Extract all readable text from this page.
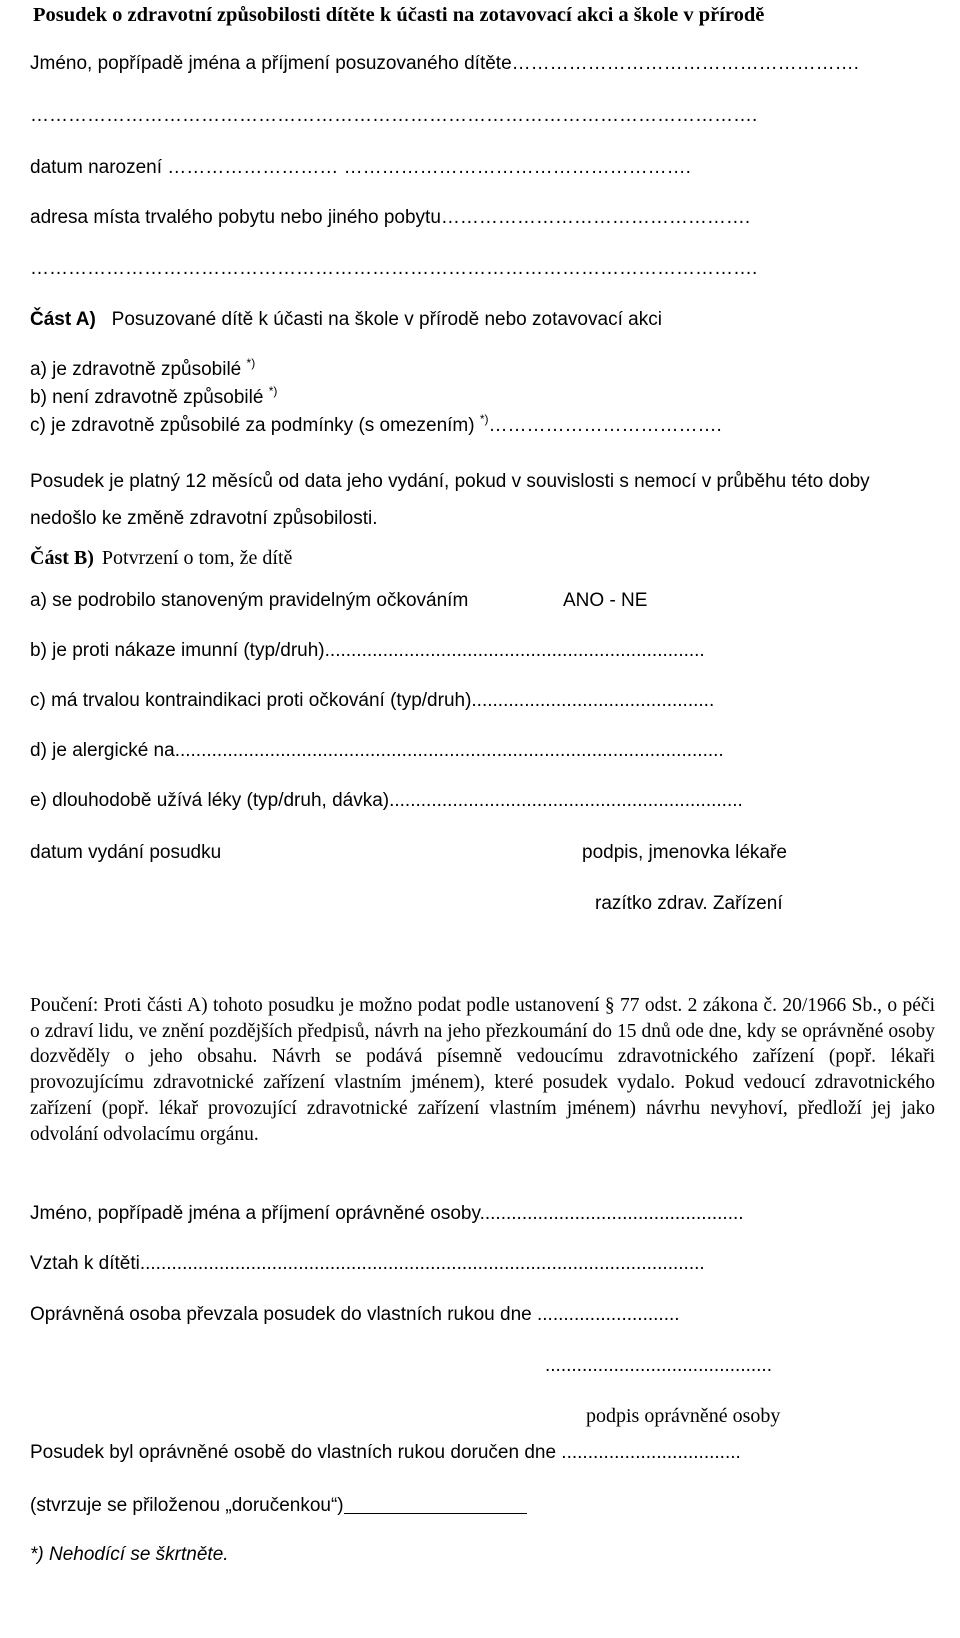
Posudek o zdravotní způsobilosti dítěte k účasti na zotavovací akci a škole v přírodě
Jméno, popřípadě jména a příjmení posuzovaného dítěte……………………………………………….
…………………………………………………………………………………………………….
datum narození ……………………… ……………………………………………….
adresa místa trvalého pobytu nebo jiného pobytu………………………………………….
…………………………………………………………………………………………………….
Část A) Posuzované dítě k účasti na škole v přírodě nebo zotavovací akci
a) je zdravotně způsobilé *)
b) není zdravotně způsobilé *)
c) je zdravotně způsobilé za podmínky (s omezením) *)……………………………….
Posudek je platný 12 měsíců od data jeho vydání, pokud v souvislosti s nemocí v průběhu této doby nedošlo ke změně zdravotní způsobilosti.
Část B) Potvrzení o tom, že dítě
a) se podrobilo stanoveným pravidelným očkováním	ANO - NE
b) je proti nákaze imunní (typ/druh)........................................................................
c) má trvalou kontraindikaci proti očkování (typ/druh)..............................................
d) je alergické na........................................................................................................
e) dlouhodobě užívá léky (typ/druh, dávka)...................................................................
datum vydání posudku	podpis, jmenovka lékaře
razítko zdrav. Zařízení
Poučení: Proti části A) tohoto posudku je možno podat podle ustanovení § 77 odst. 2 zákona č. 20/1966 Sb., o péči o zdraví lidu, ve znění pozdějších předpisů, návrh na jeho přezkoumání do 15 dnů ode dne, kdy se oprávněné osoby dozvěděly o jeho obsahu. Návrh se podává písemně vedoucímu zdravotnického zařízení (popř. lékaři provozujícímu zdravotnické zařízení vlastním jménem), které posudek vydalo. Pokud vedoucí zdravotnického zařízení (popř. lékař provozující zdravotnické zařízení vlastním jménem) návrhu nevyhoví, předloží jej jako odvolání odvolacímu orgánu.
Jméno, popřípadě jména a příjmení oprávněné osoby..................................................
Vztah k dítěti...........................................................................................................
Oprávněná osoba převzala posudek do vlastních rukou dne ...........................
...........................................
podpis oprávněné osoby
Posudek byl oprávněné osobě do vlastních rukou doručen dne ..................................
(stvrzuje se přiloženou „doručenkou“)
*) Nehodící se škrtněte.
